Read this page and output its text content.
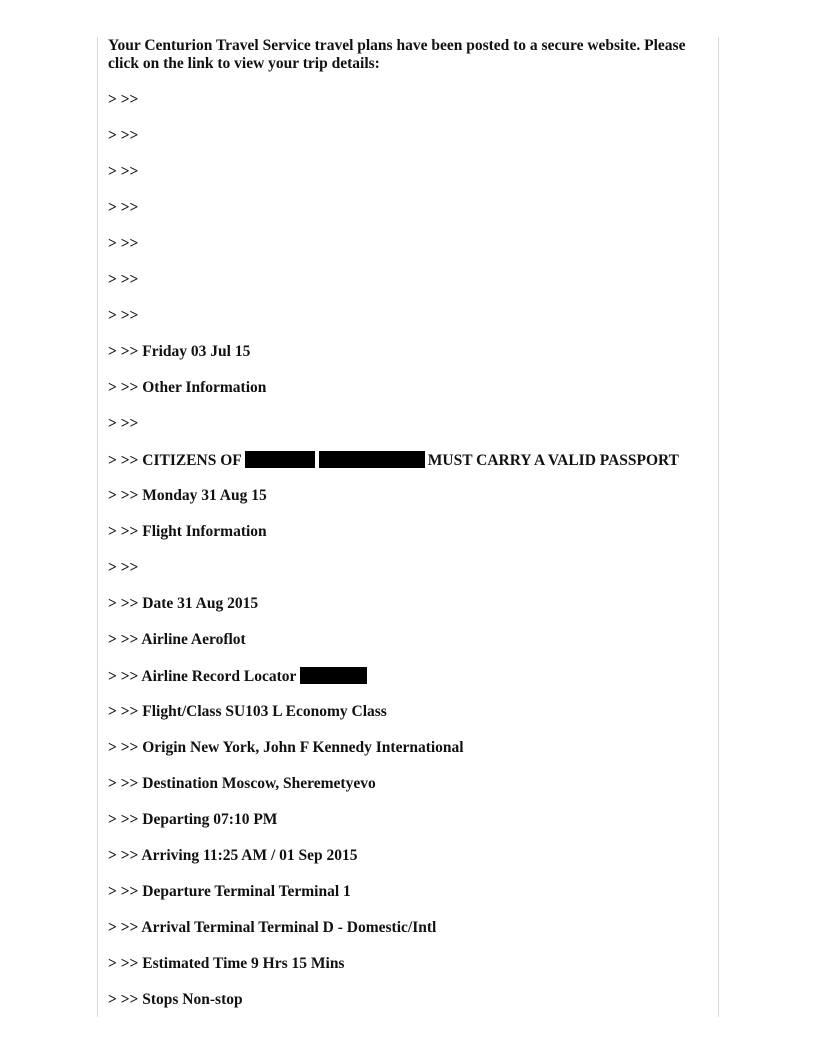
Your Centurion Travel Service travel plans have been posted to a secure website. Please click on the link to view your trip details:

> >>
> >>
> >>
> >>
> >>
> >>
> >>
> >> Friday 03 Jul 15
> >> Other Information
> >>
> >> CITIZENS OF	MUST CARRY A VALID PASSPORT
> >> Monday 31 Aug 15
> >> Flight Information
> >>
> >> Date 31 Aug 2015
> >> Airline Aeroflot
> >> Airline Record Locator
> >> Flight/Class SU103 L Economy Class
> >> Origin New York, John F Kennedy International
> >> Destination Moscow, Sheremetyevo
> >> Departing 07:10 PM
> >> Arriving 11:25 AM / 01 Sep 2015
> >> Departure Terminal Terminal 1
> >> Arrival Terminal Terminal D - Domestic/Intl
> >> Estimated Time 9 Hrs 15 Mins
> >> Stops Non-stop
